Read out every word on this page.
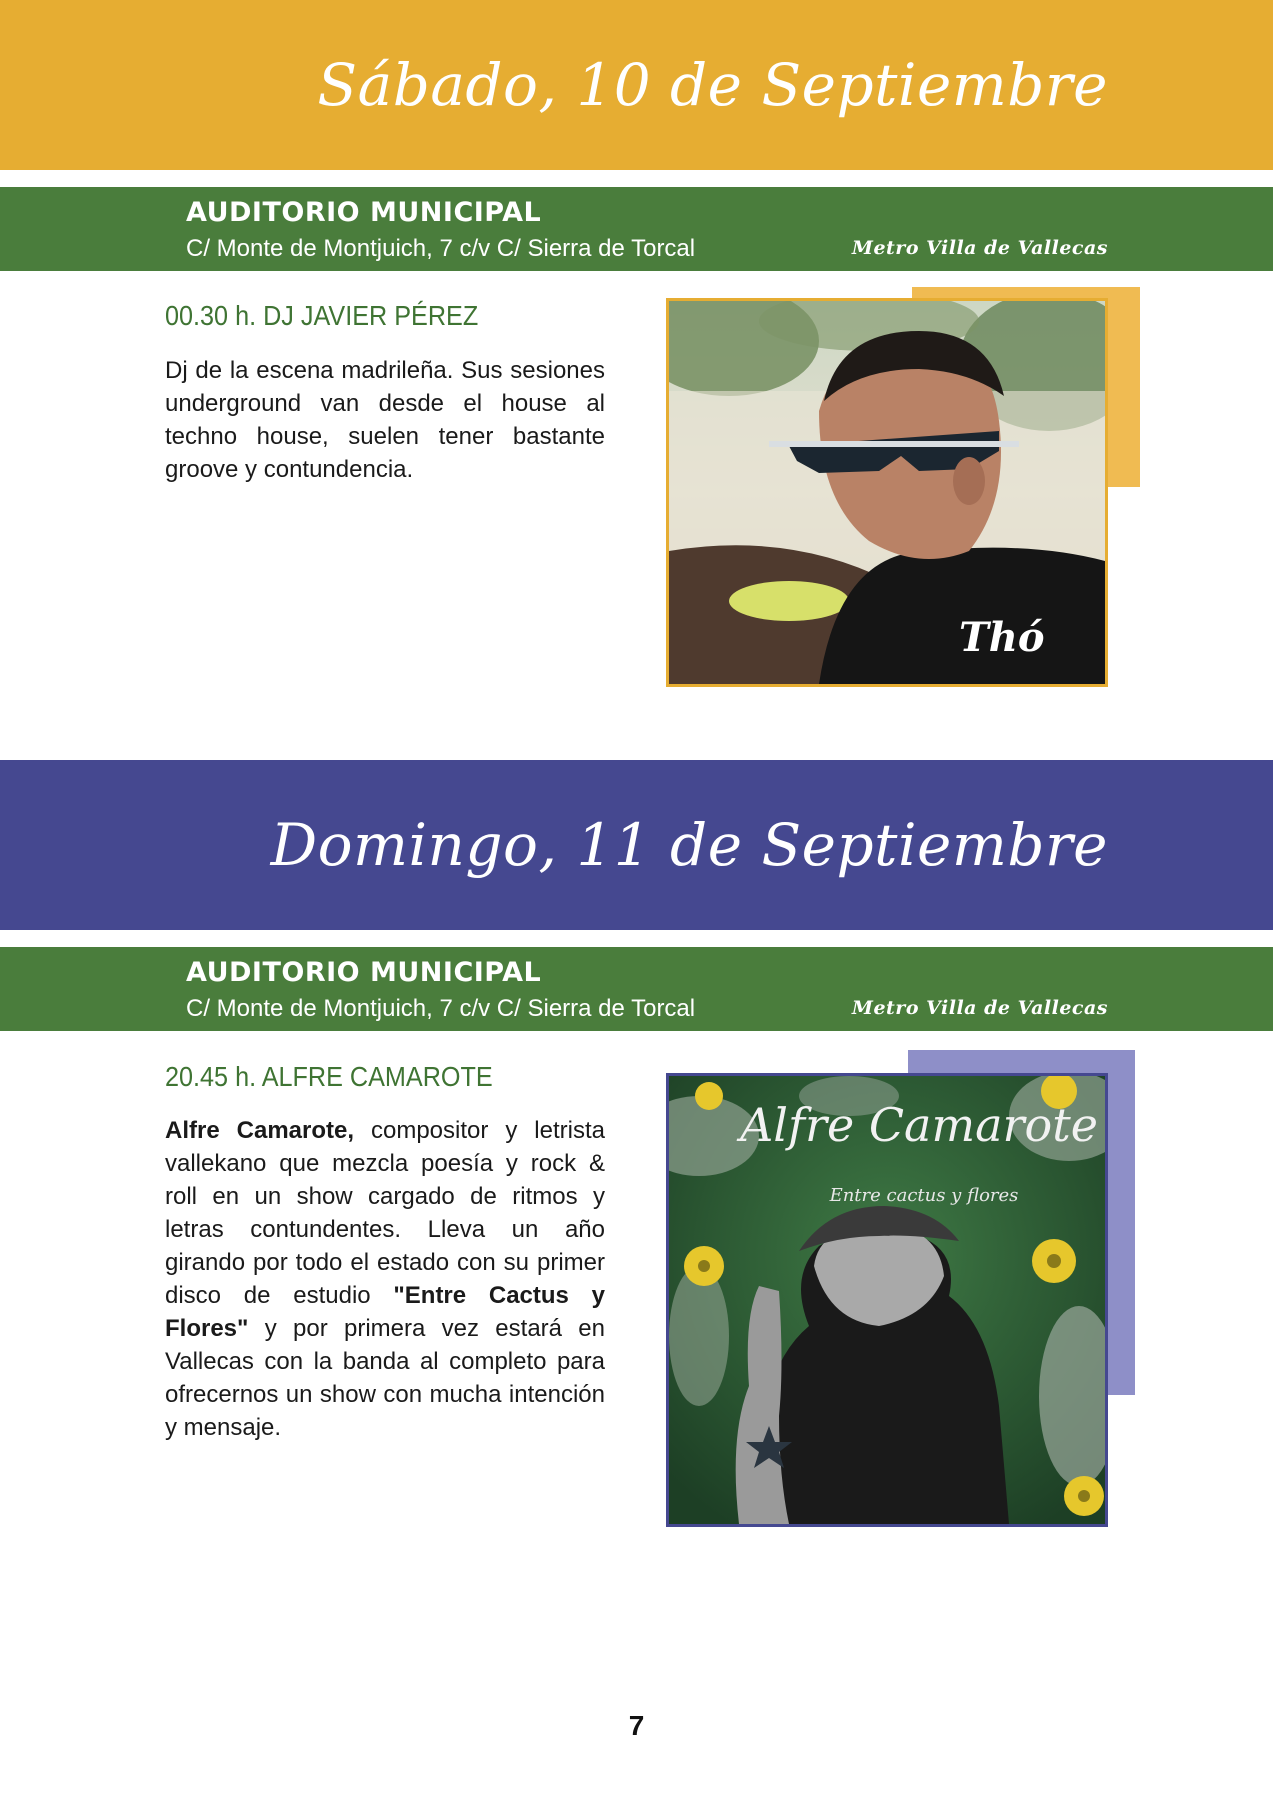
Sábado, 10 de Septiembre
AUDITORIO MUNICIPAL
C/ Monte de Montjuich, 7 c/v C/ Sierra de Torcal	Metro Villa de Vallecas
00.30 h. DJ JAVIER PÉREZ

Dj de la escena madrileña. Sus sesiones underground van desde el house al techno house, suelen tener bastante groove y contundencia.

Thó
Domingo, 11 de Septiembre
AUDITORIO MUNICIPAL
C/ Monte de Montjuich, 7 c/v C/ Sierra de Torcal	Metro Villa de Vallecas
20.45 h. ALFRE CAMAROTE

Alfre Camarote, compositor y letrista vallekano que mezcla poesía y rock & roll en un show cargado de ritmos y letras contundentes. Lleva un año girando por todo el estado con su primer disco de estudio "Entre Cactus y Flores" y por primera vez estará en Vallecas con la banda al completo para ofrecernos un show con mucha intención y mensaje.

Alfre Camarote
Entre cactus y flores
7
